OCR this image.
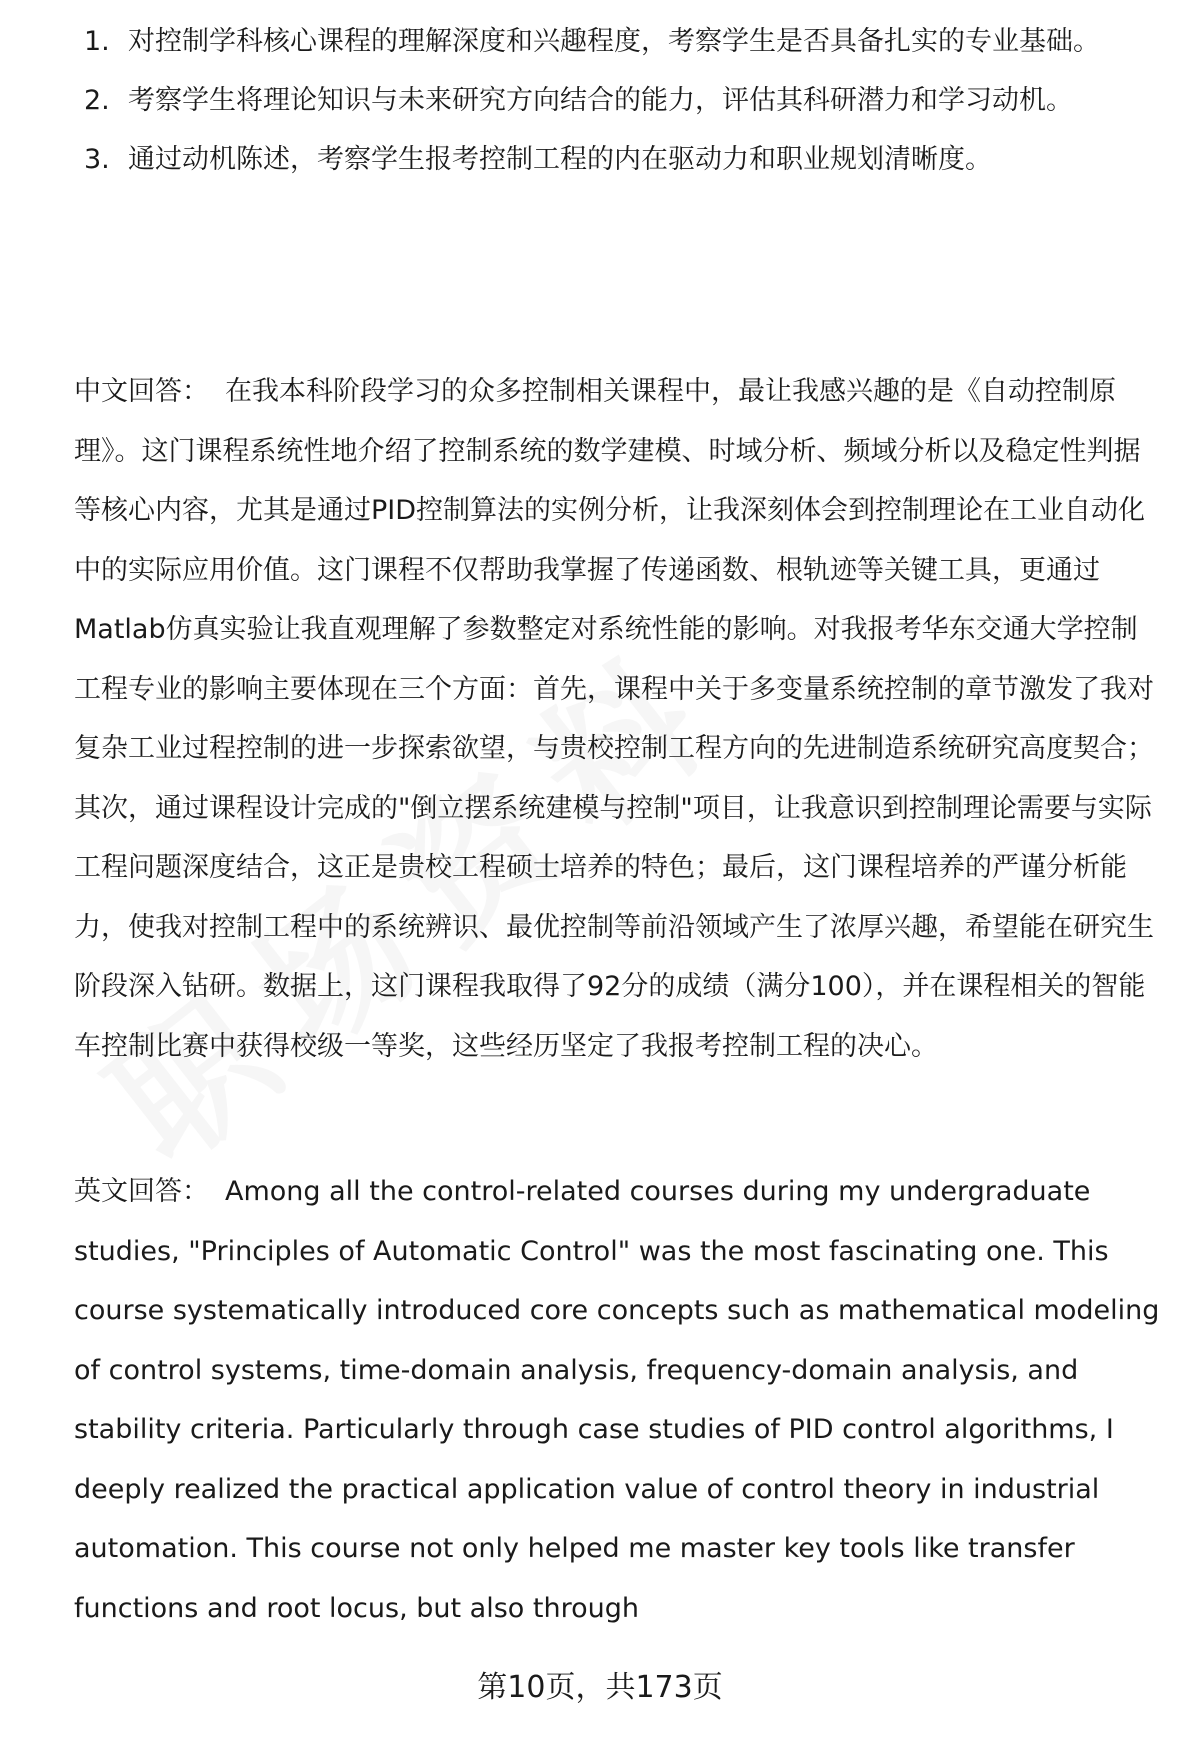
1. 对控制学科核心课程的理解深度和兴趣程度，考察学生是否具备扎实的专业基础。
2. 考察学生将理论知识与未来研究方向结合的能力，评估其科研潜力和学习动机。
3. 通过动机陈述，考察学生报考控制工程的内在驱动力和职业规划清晰度。

中文回答： 在我本科阶段学习的众多控制相关课程中，最让我感兴趣的是《自动控制原理》。这门课程系统性地介绍了控制系统的数学建模、时域分析、频域分析以及稳定性判据等核心内容，尤其是通过PID控制算法的实例分析，让我深刻体会到控制理论在工业自动化中的实际应用价值。这门课程不仅帮助我掌握了传递函数、根轨迹等关键工具，更通过Matlab仿真实验让我直观理解了参数整定对系统性能的影响。对我报考华东交通大学控制工程专业的影响主要体现在三个方面：首先，课程中关于多变量系统控制的章节激发了我对复杂工业过程控制的进一步探索欲望，与贵校控制工程方向的先进制造系统研究高度契合；其次，通过课程设计完成的"倒立摆系统建模与控制"项目，让我意识到控制理论需要与实际工程问题深度结合，这正是贵校工程硕士培养的特色；最后，这门课程培养的严谨分析能力，使我对控制工程中的系统辨识、最优控制等前沿领域产生了浓厚兴趣，希望能在研究生阶段深入钻研。数据上，这门课程我取得了92分的成绩（满分100），并在课程相关的智能车控制比赛中获得校级一等奖，这些经历坚定了我报考控制工程的决心。

英文回答： Among all the control-related courses during my undergraduate studies, "Principles of Automatic Control" was the most fascinating one. This course systematically introduced core concepts such as mathematical modeling of control systems, time-domain analysis, frequency-domain analysis, and stability criteria. Particularly through case studies of PID control algorithms, I deeply realized the practical application value of control theory in industrial automation. This course not only helped me master key tools like transfer functions and root locus, but also through

第10页，共173页
